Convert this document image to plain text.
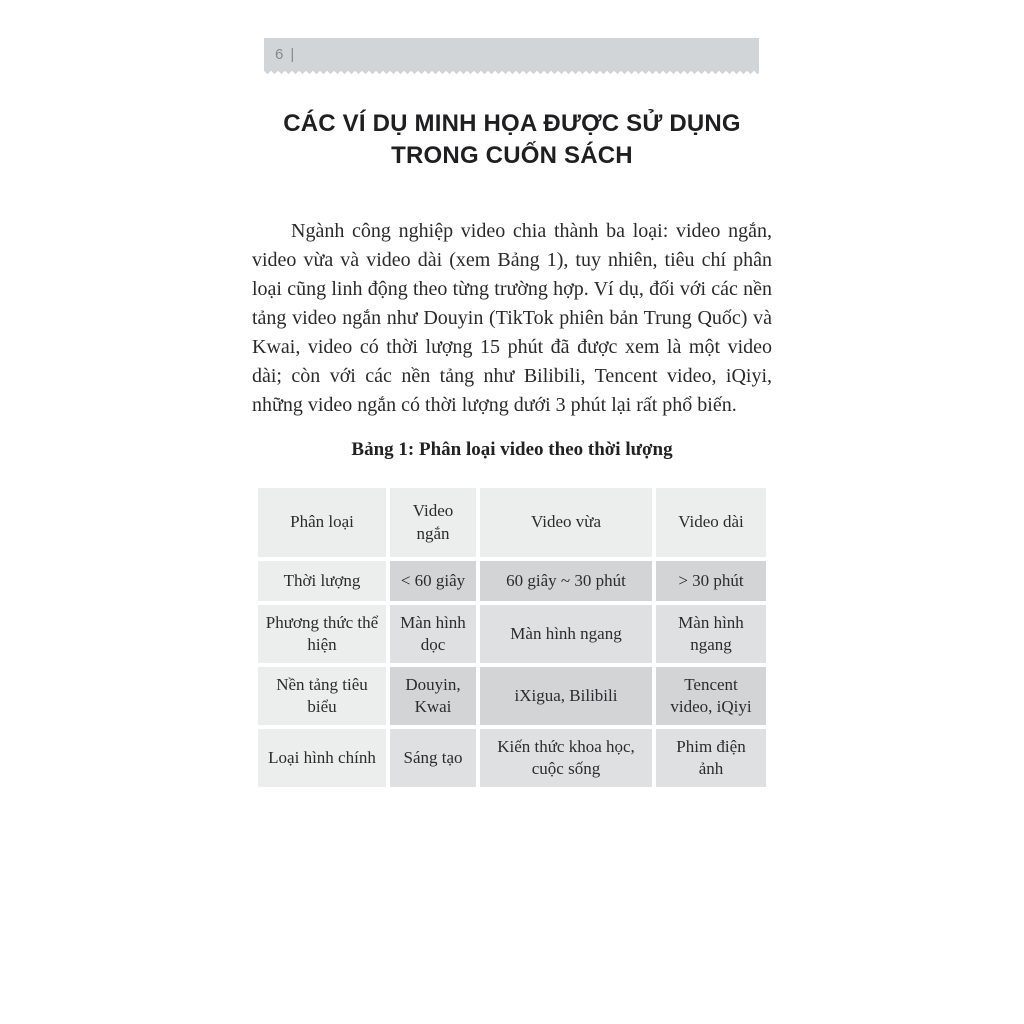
6 |
CÁC VÍ DỤ MINH HỌA ĐƯỢC SỬ DỤNG
TRONG CUỐN SÁCH

Ngành công nghiệp video chia thành ba loại: video ngắn, video vừa và video dài (xem Bảng 1), tuy nhiên, tiêu chí phân loại cũng linh động theo từng trường hợp. Ví dụ, đối với các nền tảng video ngắn như Douyin (TikTok phiên bản Trung Quốc) và Kwai, video có thời lượng 15 phút đã được xem là một video dài; còn với các nền tảng như Bilibili, Tencent video, iQiyi, những video ngắn có thời lượng dưới 3 phút lại rất phổ biến.

Bảng 1: Phân loại video theo thời lượng
Phân loại	Video ngắn	Video vừa	Video dài
Thời lượng	< 60 giây	60 giây ~ 30 phút	> 30 phút
Phương thức thể hiện	Màn hình dọc	Màn hình ngang	Màn hình ngang
Nền tảng tiêu biểu	Douyin, Kwai	iXigua, Bilibili	Tencent video, iQiyi
Loại hình chính	Sáng tạo	Kiến thức khoa học, cuộc sống	Phim điện ảnh
